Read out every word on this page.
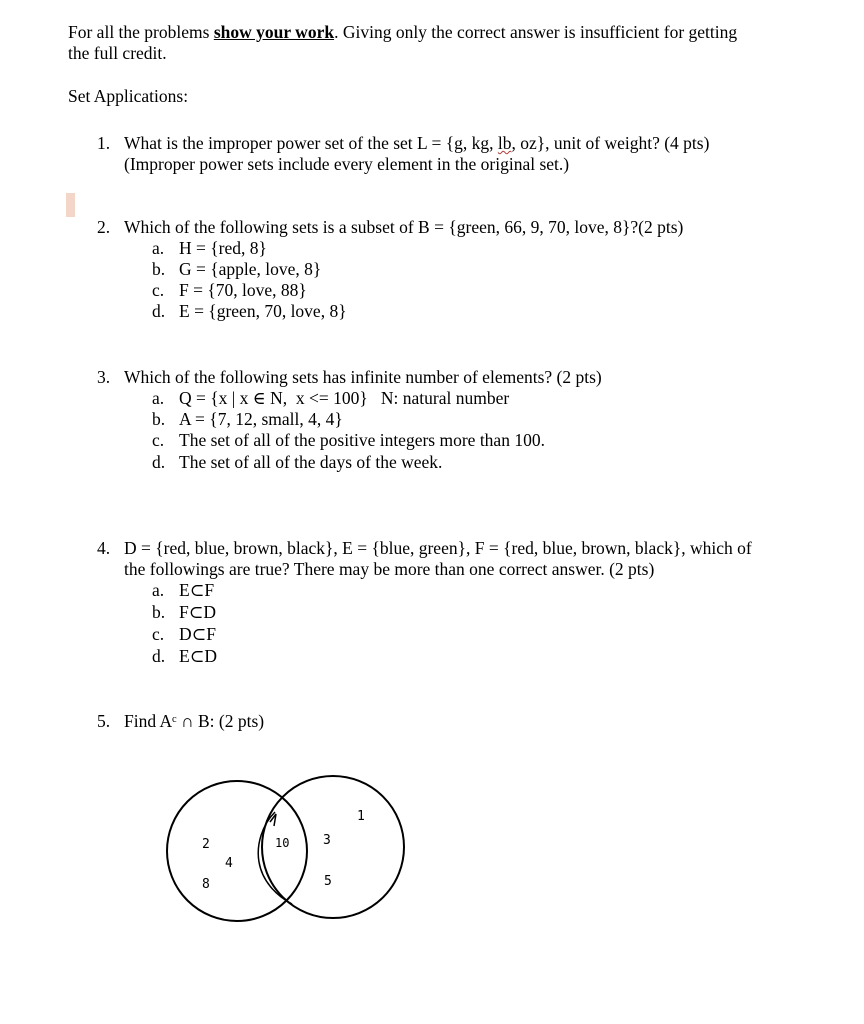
For all the problems show your work. Giving only the correct answer is insufficient for getting
the full credit.
Set Applications:
1. What is the improper power set of the set L = {g, kg, lb, oz}, unit of weight? (4 pts)
(Improper power sets include every element in the original set.)
2. Which of the following sets is a subset of B = {green, 66, 9, 70, love, 8}?(2 pts)
a. H = {red, 8}
b. G = {apple, love, 8}
c. F = {70, love, 88}
d. E = {green, 70, love, 8}
3. Which of the following sets has infinite number of elements? (2 pts)
a. Q = {x | x ∈ N,  x <= 100}   N: natural number
b. A = {7, 12, small, 4, 4}
c. The set of all of the positive integers more than 100.
d. The set of all of the days of the week.
4. D = {red, blue, brown, black}, E = {blue, green}, F = {red, blue, brown, black}, which of
the followings are true? There may be more than one correct answer. (2 pts)
a. E⊂F
b. F⊂D
c. D⊂F
d. E⊂D
5. Find Aᶜ ∩ B: (2 pts)
2
4
8
10	3
5
1
